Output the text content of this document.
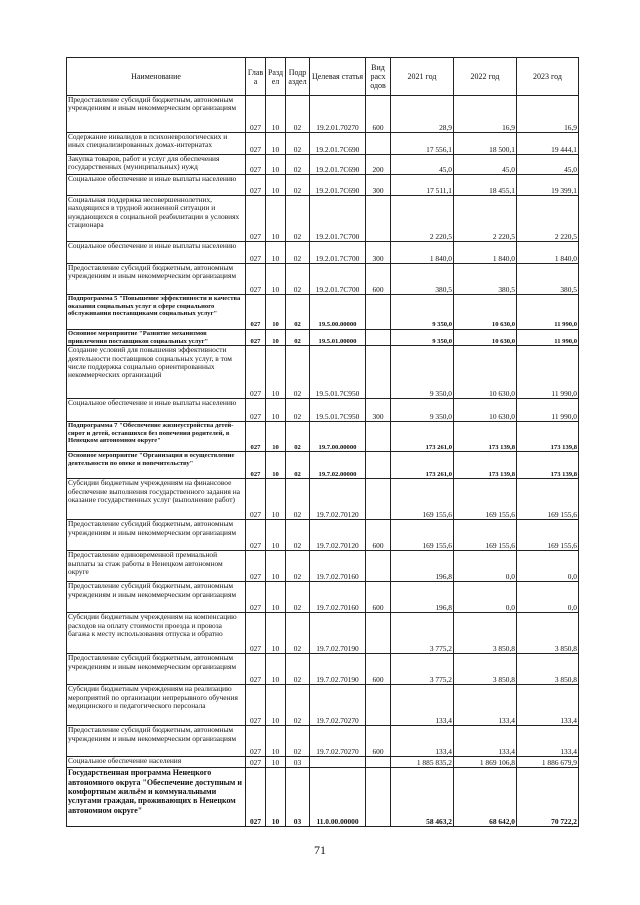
Наименование	Глав а	Разд ел	Подр аздел	Целевая статья	Вид расх одов	2021 год	2022 год	2023 год
Предоставление субсидий бюджетным, автономным учреждениям и иным некоммерческим организациям	027	10	02	19.2.01.70270	600	28,9	16,9	16,9
Содержание инвалидов в психоневрологических и иных специализированных домах-интернатах	027	10	02	19.2.01.7С690		17 556,1	18 500,1	19 444,1
Закупка товаров, работ и услуг для обеспечения государственных (муниципальных) нужд	027	10	02	19.2.01.7С690	200	45,0	45,0	45,0
Социальное обеспечение и иные выплаты населению	027	10	02	19.2.01.7С690	300	17 511,1	18 455,1	19 399,1
Социальная поддержка несовершеннолетних, находящихся в трудной жизненной ситуации и нуждающихся в социальной реабилитации в условиях стационара	027	10	02	19.2.01.7С700		2 220,5	2 220,5	2 220,5
Социальное обеспечение и иные выплаты населению	027	10	02	19.2.01.7С700	300	1 840,0	1 840,0	1 840,0
Предоставление субсидий бюджетным, автономным учреждениям и иным некоммерческим организациям	027	10	02	19.2.01.7С700	600	380,5	380,5	380,5
Подпрограмма 5 "Повышение эффективности и качества оказания социальных услуг в сфере социального обслуживания поставщиками социальных услуг"	027	10	02	19.5.00.00000		9 350,0	10 630,0	11 990,0
Основное мероприятие "Развитие механизмов привлечения поставщиков социальных услуг"	027	10	02	19.5.01.00000		9 350,0	10 630,0	11 990,0
Создание условий для повышения эффективности деятельности поставщиков социальных услуг, в том числе поддержка социально ориентированных некоммерческих организаций	027	10	02	19.5.01.7С950		9 350,0	10 630,0	11 990,0
Социальное обеспечение и иные выплаты населению	027	10	02	19.5.01.7С950	300	9 350,0	10 630,0	11 990,0
Подпрограмма 7 "Обеспечение жизнеустройства детей-сирот и детей, оставшихся без попечения родителей, в Ненецком автономном округе"	027	10	02	19.7.00.00000		173 261,0	173 139,8	173 139,8
Основное мероприятие "Организация и осуществление деятельности по опеке и попечительству"	027	10	02	19.7.02.00000		173 261,0	173 139,8	173 139,8
Субсидии бюджетным учреждениям на финансовое обеспечение выполнения государственного задания на оказание государственных услуг (выполнение работ)	027	10	02	19.7.02.70120		169 155,6	169 155,6	169 155,6
Предоставление субсидий бюджетным, автономным учреждениям и иным некоммерческим организациям	027	10	02	19.7.02.70120	600	169 155,6	169 155,6	169 155,6
Предоставление единовременной премиальной выплаты за стаж работы в Ненецком автономном округе	027	10	02	19.7.02.70160		196,8	0,0	0,0
Предоставление субсидий бюджетным, автономным учреждениям и иным некоммерческим организациям	027	10	02	19.7.02.70160	600	196,8	0,0	0,0
Субсидии бюджетным учреждениям на компенсацию расходов на оплату стоимости проезда и провоза багажа к месту использования отпуска и обратно	027	10	02	19.7.02.70190		3 775,2	3 850,8	3 850,8
Предоставление субсидий бюджетным, автономным учреждениям и иным некоммерческим организациям	027	10	02	19.7.02.70190	600	3 775,2	3 850,8	3 850,8
Субсидии бюджетным учреждениям на реализацию мероприятий по организации непрерывного обучения медицинского и педагогического персонала	027	10	02	19.7.02.70270		133,4	133,4	133,4
Предоставление субсидий бюджетным, автономным учреждениям и иным некоммерческим организациям	027	10	02	19.7.02.70270	600	133,4	133,4	133,4
Социальное обеспечение населения	027	10	03			1 885 835,2	1 869 106,8	1 886 679,9
Государственная программа Ненецкого автономного округа "Обеспечение доступным и комфортным жильём и коммунальными услугами граждан, проживающих в Ненецком автономном округе"	027	10	03	11.0.00.00000		58 463,2	68 642,0	70 722,2
71
